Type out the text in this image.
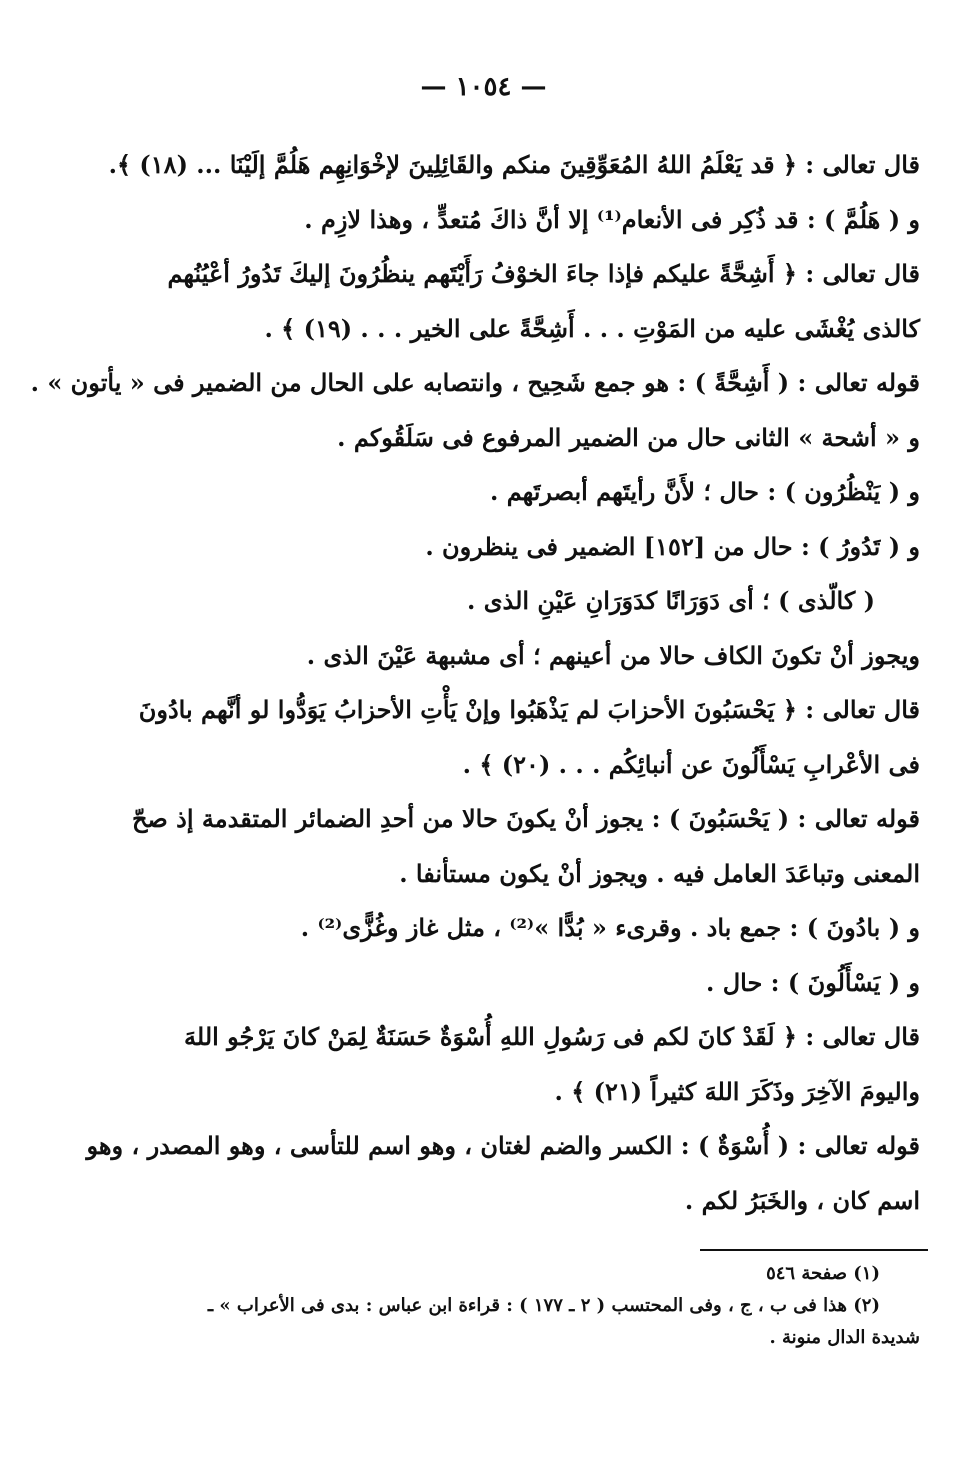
— ١٠٥٤ —
قال تعالى : ﴿ قد يَعْلَمُ اللهُ المُعَوِّقِينَ منكم والقَائِلِينَ لإخْوَانِهِم هَلُمَّ إلَيْنَا ... (١٨) ﴾.
و ( هَلُمَّ ) : قد ذُكِر فى الأنعام⁽¹⁾ إلا أنَّ ذاكَ مُتعدٍّ ، وهذا لازِم .
قال تعالى : ﴿ أَشِحَّةً عليكم فإذا جاءَ الخوْفُ رَأَيْتَهم ينظُرُونَ إليكَ تَدُورُ أعْيُنُهم
كالذى يُغْشَى عليه من المَوْتِ . . . أَشِحَّةً على الخير . . . (١٩) ﴾ .
قوله تعالى : ( أَشِحَّةً ) : هو جمع شَحِيح ، وانتصابه على الحال من الضمير فى « يأتون » .
و « أشحة » الثانى حال من الضمير المرفوع فى سَلَقُوكم .
و ( يَنْظُرُون ) : حال ؛ لأَنَّ رأيتَهم أبصرتَهم .
و ( تَدُورُ ) : حال من [١٥٢] الضمير فى ينظرون .
( كالّذى ) ؛ أى دَوَرَانًا كدَوَرَانِ عَيْنِ الذى .
ويجوز أنْ تكونَ الكاف حالا من أعينهم ؛ أى مشبهة عَيْنَ الذى .
قال تعالى : ﴿ يَحْسَبُونَ الأحزابَ لم يَذْهَبُوا وإنْ يَأْتِ الأحزابُ يَوَدُّوا لو أنَّهم بادُونَ
فى الأعْرابِ يَسْأَلُونَ عن أنبائِكُم . . . (٢٠) ﴾ .
قوله تعالى : ( يَحْسَبُونَ ) : يجوز أنْ يكونَ حالا من أحدِ الضمائر المتقدمة إذ صحّ
المعنى وتباعَدَ العامل فيه . ويجوز أنْ يكون مستأنفا .
و ( بادُونَ ) : جمع باد . وقرىء « بُدًّا »⁽²⁾ ، مثل غاز وغُزًّى⁽²⁾ .
و ( يَسْأَلُونَ ) : حال .
قال تعالى : ﴿ لَقَدْ كانَ لكم فى رَسُولِ اللهِ أُسْوَةٌ حَسَنَةٌ لِمَنْ كانَ يَرْجُو اللهَ
واليومَ الآخِرَ وذَكَرَ اللهَ كثيراً (٢١) ﴾ .
قوله تعالى : ( أُسْوَةٌ ) : الكسر والضم لغتان ، وهو اسم للتأسى ، وهو المصدر ، وهو
اسم كان ، والخَبَرُ لكم .
(١) صفحة ٥٤٦
(٢) هذا فى ب ، ج ، وفى المحتسب ( ٢ ـ ١٧٧ ) : قراءة ابن عباس : بدى فى الأعراب » ـ
شديدة الدال منونة .
